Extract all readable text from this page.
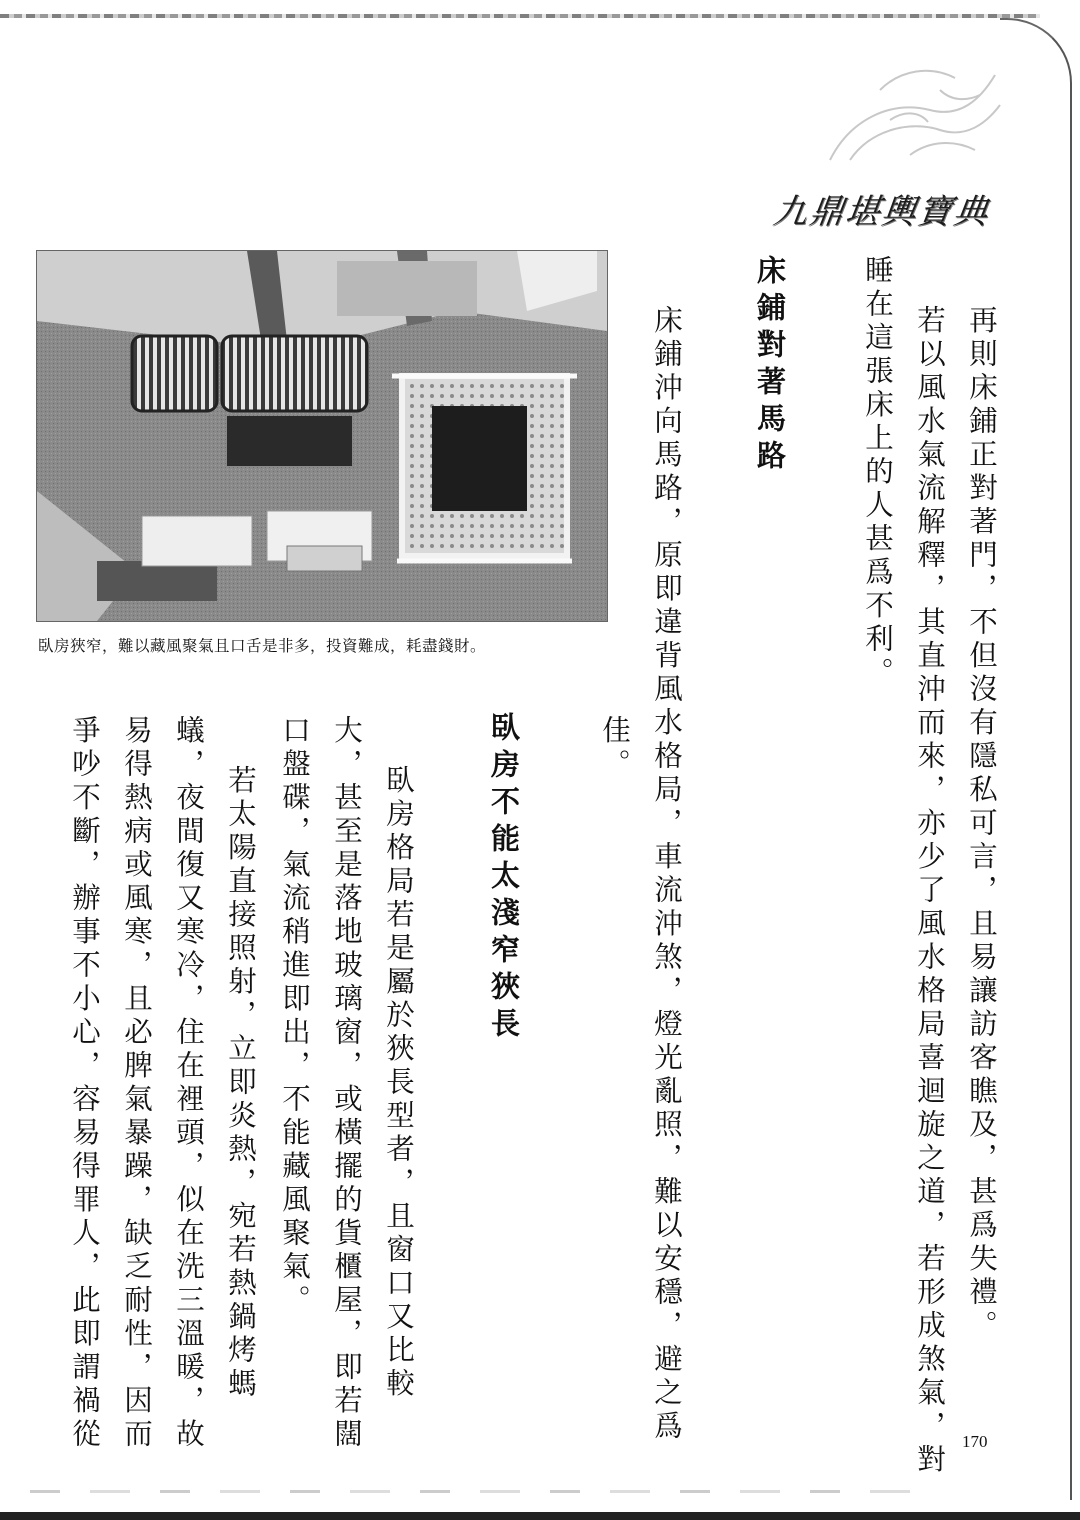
九鼎堪輿寶典
再則床鋪正對著門，不但沒有隱私可言，且易讓訪客瞧及，甚爲失禮。
若以風水氣流解釋，其直沖而來，亦少了風水格局喜迴旋之道，若形成煞氣，對
睡在這張床上的人甚爲不利。
床鋪對著馬路
床鋪沖向馬路，原即違背風水格局，車流沖煞，燈光亂照，難以安穩，避之爲
佳。
臥房不能太淺窄狹長
臥房格局若是屬於狹長型者，且窗口又比較
大，甚至是落地玻璃窗，或橫擺的貨櫃屋，即若闊
口盤碟，氣流稍進即出，不能藏風聚氣。
若太陽直接照射，立即炎熱，宛若熱鍋烤螞
蟻，夜間復又寒冷，住在裡頭，似在洗三溫暖，故
易得熱病或風寒，且必脾氣暴躁，缺乏耐性，因而
爭吵不斷，辦事不小心，容易得罪人，此即謂禍從
臥房狹窄，難以藏風聚氣且口舌是非多，投資難成，耗盡錢財。
170
